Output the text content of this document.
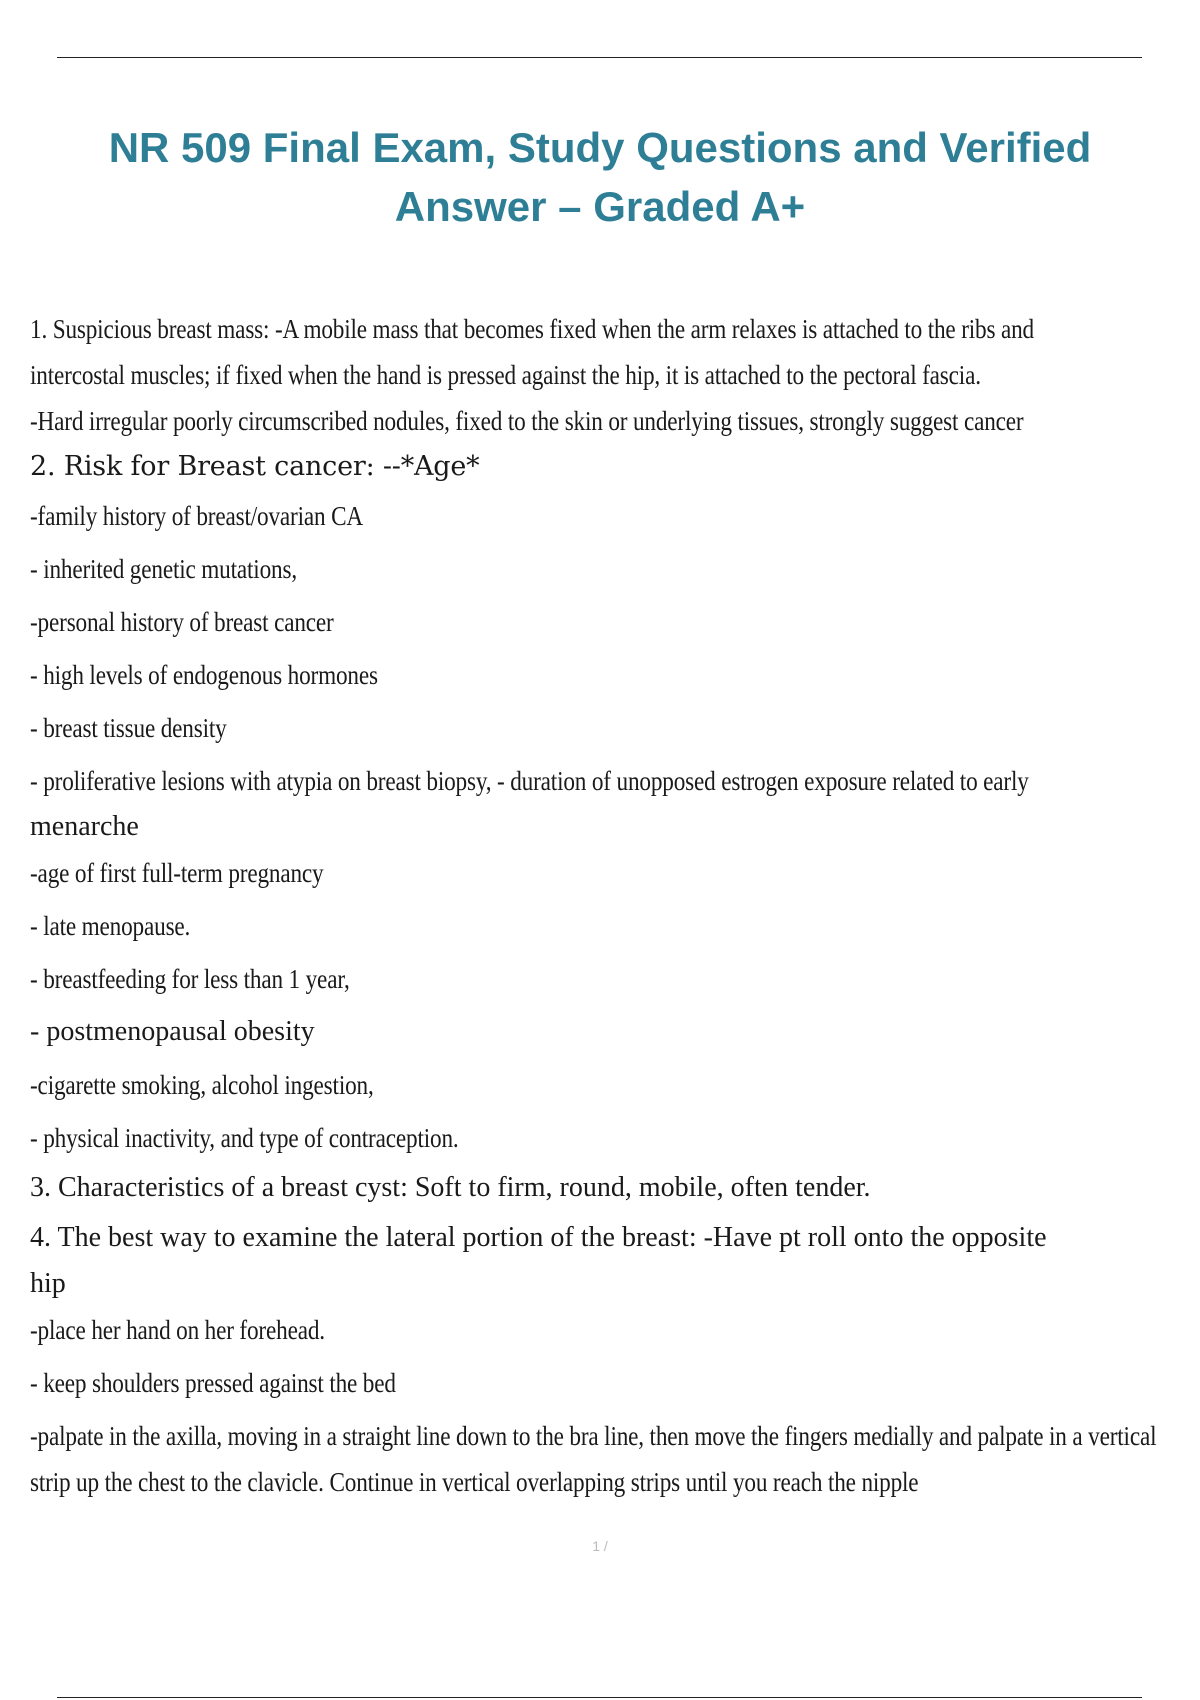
NR 509 Final Exam, Study Questions and Verified
Answer – Graded A+
1. Suspicious breast mass: -A mobile mass that becomes fixed when the arm relaxes is attached to the ribs and
intercostal muscles; if fixed when the hand is pressed against the hip, it is attached to the pectoral fascia.
-Hard irregular poorly circumscribed nodules, fixed to the skin or underlying tissues, strongly suggest cancer
2. Risk for Breast cancer: --*Age*
-family history of breast/ovarian CA
- inherited genetic mutations,
-personal history of breast cancer
- high levels of endogenous hormones
- breast tissue density
- proliferative lesions with atypia on breast biopsy, - duration of unopposed estrogen exposure related to early
menarche
-age of first full-term pregnancy
- late menopause.
- breastfeeding for less than 1 year,
- postmenopausal obesity
-cigarette smoking, alcohol ingestion,
- physical inactivity, and type of contraception.
3. Characteristics of a breast cyst: Soft to firm, round, mobile, often tender.
4. The best way to examine the lateral portion of the breast: -Have pt roll onto the opposite
hip
-place her hand on her forehead.
- keep shoulders pressed against the bed
-palpate in the axilla, moving in a straight line down to the bra line, then move the fingers medially and palpate in a vertical
strip up the chest to the clavicle. Continue in vertical overlapping strips until you reach the nipple
1 /
